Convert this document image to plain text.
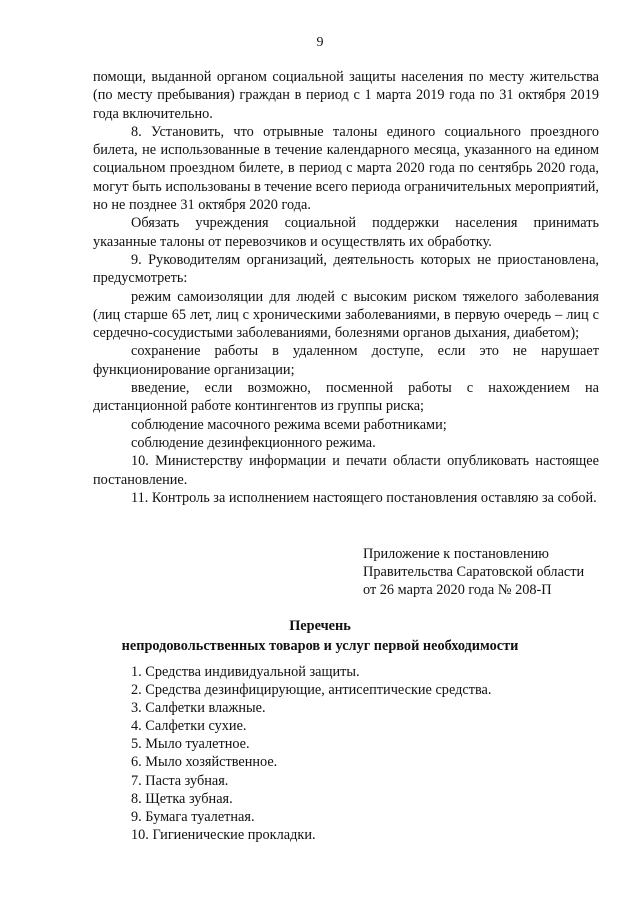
9

помощи, выданной органом социальной защиты населения по месту жительства (по месту пребывания) граждан в период с 1 марта 2019 года по 31 октября 2019 года включительно.

8. Установить, что отрывные талоны единого социального проездного билета, не использованные в течение календарного месяца, указанного на едином социальном проездном билете, в период с марта 2020 года по сентябрь 2020 года, могут быть использованы в течение всего периода ограничительных мероприятий, но не позднее 31 октября 2020 года.

Обязать учреждения социальной поддержки населения принимать указанные талоны от перевозчиков и осуществлять их обработку.

9. Руководителям организаций, деятельность которых не приостановлена, предусмотреть:

режим самоизоляции для людей с высоким риском тяжелого заболевания (лиц старше 65 лет, лиц с хроническими заболеваниями, в первую очередь – лиц с сердечно-сосудистыми заболеваниями, болезнями органов дыхания, диабетом);

сохранение работы в удаленном доступе, если это не нарушает функционирование организации;

введение, если возможно, посменной работы с нахождением на дистанционной работе контингентов из группы риска;

соблюдение масочного режима всеми работниками;

соблюдение дезинфекционного режима.

10. Министерству информации и печати области опубликовать настоящее постановление.

11. Контроль за исполнением настоящего постановления оставляю за собой.

Приложение к постановлению
Правительства Саратовской области
от 26 марта 2020 года № 208-П
Перечень
непродовольственных товаров и услуг первой необходимости
1. Средства индивидуальной защиты.
2. Средства дезинфицирующие, антисептические средства.
3. Салфетки влажные.
4. Салфетки сухие.
5. Мыло туалетное.
6. Мыло хозяйственное.
7. Паста зубная.
8. Щетка зубная.
9. Бумага туалетная.
10. Гигиенические прокладки.
